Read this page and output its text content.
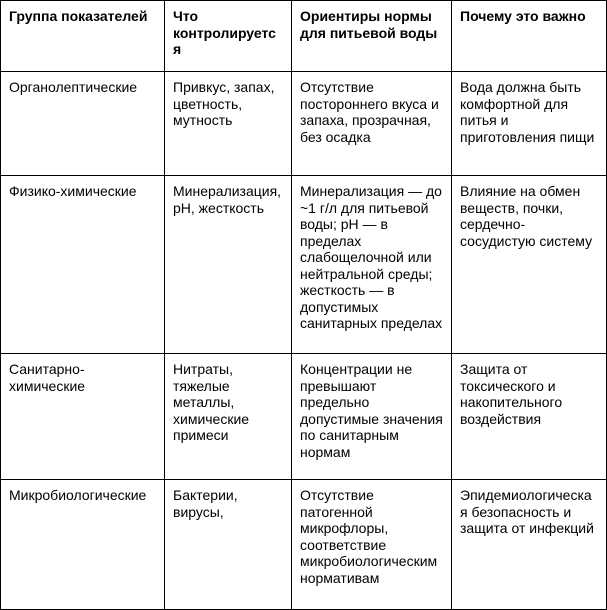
Группа показателей	Что контролируется	Ориентиры нормы для питьевой воды	Почему это важно
Органолептические	Привкус, запах, цветность, мутность	Отсутствие постороннего вкуса и запаха, прозрачная, без осадка	Вода должна быть комфортной для питья и приготовления пищи
Физико-химические	Минерализация, pH, жесткость	Минерализация — до ~1 г/л для питьевой воды; pH — в пределах слабощелочной или нейтральной среды; жесткость — в допустимых санитарных пределах	Влияние на обмен веществ, почки, сердечно-сосудистую систему
Санитарно-химические	Нитраты, тяжелые металлы, химические примеси	Концентрации не превышают предельно допустимые значения по санитарным нормам	Защита от токсического и накопительного воздействия
Микробиологические	Бактерии, вирусы,	Отсутствие патогенной микрофлоры, соответствие микробиологическим нормативам	Эпидемиологическая безопасность и защита от инфекций
